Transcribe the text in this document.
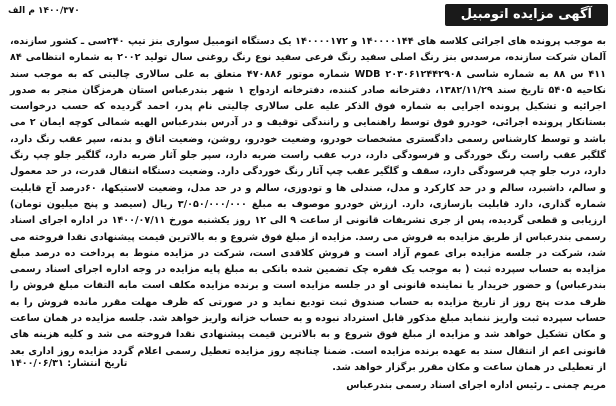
۱۴۰۰/۳۷۰ م الف	آگهی مزایده اتومبیل
به موجب پرونده های اجرائی کلاسه های ۱۴۰۰۰۰۱۴۴ و ۱۴۰۰۰۰۱۷۲ یک دستگاه اتومبیل سواری بنز تیپ ۲۴۰سی ـ کشور سازنده، آلمان شرکت سازنده، مرسدس بنز رنگ اصلی سفید رنگ فرعی سفید نوع رنگ روغنی سال تولید ۲۰۰۲ به شماره انتظامی ۸۴ ۴۱۱ س ۸۸ به شماره شاسی ۲۰۳۰۶۱۲۴۴۲۹۰۸ WDB شماره موتور ۴۷۰۸۸۶ متعلق به علی سالاری چالیتی که به موجب سند نکاحیه ۵۴۰۵ تاریخ سند ۱۳۸۲/۱۱/۲۹، دفترخانه صادر کننده، دفترخانه ازدواج ۱ شهر بندرعباس استان هرمزگان منجر به صدور اجرائیه و تشکیل پرونده اجرایی به شماره فوق الذکر علیه علی سالاری چالیتی نام پدر، احمد گردیده که حسب درخواست بستانکار پرونده اجرائی، خودرو فوق توسط راهنمایی و رانندگی توقیف و در آدرس بندرعباس الهیه شمالی کوچه ایمان ۲ می باشد و توسط کارشناس رسمی دادگستری مشخصات خودرو، وضعیت خودرو، روشن، وضعیت اتاق و بدنه، سپر عقب رنگ دارد، گلگیر عقب راست رنگ خوردگی و فرسودگی دارد، درب عقب راست ضربه دارد، سپر جلو آثار ضربه دارد، گلگیر جلو چپ رنگ دارد، درب جلو چپ فرسودگی دارد، سقف و گلگیر عقب چپ آثار رنگ خوردگی دارد. وضعیت دستگاه انتقال قدرت، در حد معمول و سالم، داشبرد، سالم و در حد کارکرد و مدل، صندلی ها و تودوزی، سالم و در حد مدل، وضعیت لاستیکها، ۶۰درصد آج قابلیت شماره گذاری، دارد قابلیت بازسازی، دارد. ارزش خودرو موصوف به مبلغ ۳/۰۵۰/۰۰۰/۰۰۰ ریال (سیصد و پنج میلیون تومان) ارزیابی و قطعی گردیده، پس از جری تشریفات قانونی از ساعت ۹ الی ۱۲ روز یکشنبه مورخ ۱۴۰۰/۰۷/۱۱ در اداره اجرای اسناد رسمی بندرعباس از طریق مزایده به فروش می رسد. مزایده از مبلغ فوق شروع و به بالاترین قیمت پیشنهادی نقدا فروخته می شد، شرکت در جلسه مزایده برای عموم آزاد است و فروش کلاقدی است، شرکت در مزایده منوط به پرداخت ده درصد مبلغ مزایده به حساب سپرده ثبت ( به موجب یک فقره چک تضمین شده بانکی به مبلغ پایه مزایده در وجه اداره اجرای اسناد رسمی بندرعباس) و حضور خریدار یا نماینده قانونی او در جلسه مزایده است و برنده مزایده مکلف است مابه التفات مبلغ فروش را ظرف مدت پنج روز از تاریخ مزایده به حساب صندوق ثبت تودیع نماید و در صورتی که ظرف مهلت مقرر مانده فروش را به حساب سپرده ثبت واریز ننماید مبلغ مذکور قابل استرداد نبوده و به حساب خزانه واریز خواهد شد. جلسه مزایده در همان ساعت و مکان تشکیل خواهد شد و مزایده از مبلغ فوق شروع و به بالاترین قیمت پیشنهادی نقدا فروخته می شد و کلیه هزینه های قانونی اعم از انتقال سند به عهده برنده مزایده است. ضمنا چنانچه روز مزایده تعطیل رسمی اعلام گردد مزایده روز اداری بعد از تعطیلی در همان ساعت و مکان مقرر برگزار خواهد شد.
تاریخ انتشار: ۱۴۰۰/۰۶/۳۱
مریم چمنی ـ رئیس اداره اجرای اسناد رسمی بندرعباس
